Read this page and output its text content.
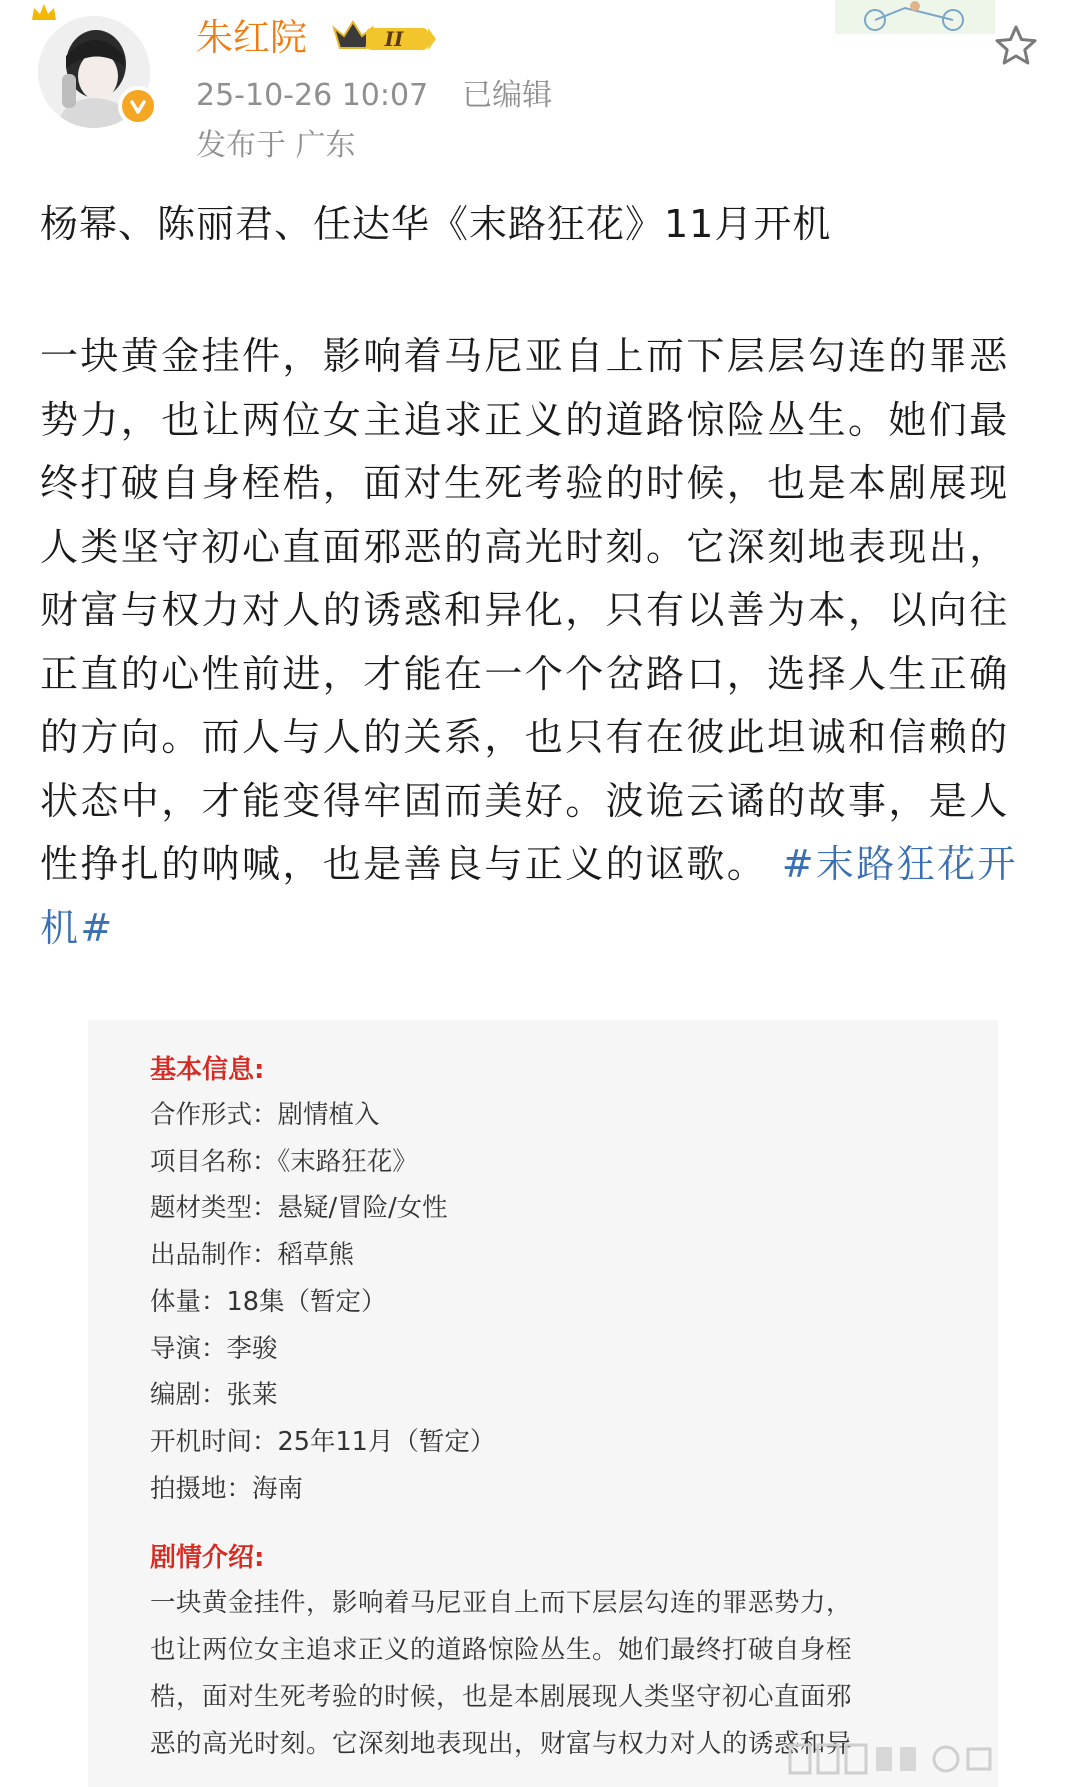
朱红院	II
25-10-26 10:07 已编辑
发布于 广东
杨幂、陈丽君、任达华《末路狂花》11月开机
一块黄金挂件，影响着马尼亚自上而下层层勾连的罪恶势力，也让两位女主追求正义的道路惊险丛生。她们最终打破自身桎梏，面对生死考验的时候，也是本剧展现人类坚守初心直面邪恶的高光时刻。它深刻地表现出，财富与权力对人的诱惑和异化，只有以善为本，以向往正直的心性前进，才能在一个个岔路口，选择人生正确的方向。而人与人的关系，也只有在彼此坦诚和信赖的状态中，才能变得牢固而美好。波诡云谲的故事，是人性挣扎的呐喊，也是善良与正义的讴歌。 #末路狂花开机#
基本信息:
合作形式：剧情植入
项目名称：《末路狂花》
题材类型：悬疑/冒险/女性
出品制作：稻草熊
体量：18集（暂定）
导演：李骏
编剧：张莱
开机时间：25年11月（暂定）
拍摄地：海南
剧情介绍:
一块黄金挂件，影响着马尼亚自上而下层层勾连的罪恶势力，
也让两位女主追求正义的道路惊险丛生。她们最终打破自身桎
梏，面对生死考验的时候，也是本剧展现人类坚守初心直面邪
恶的高光时刻。它深刻地表现出，财富与权力对人的诱惑和异
